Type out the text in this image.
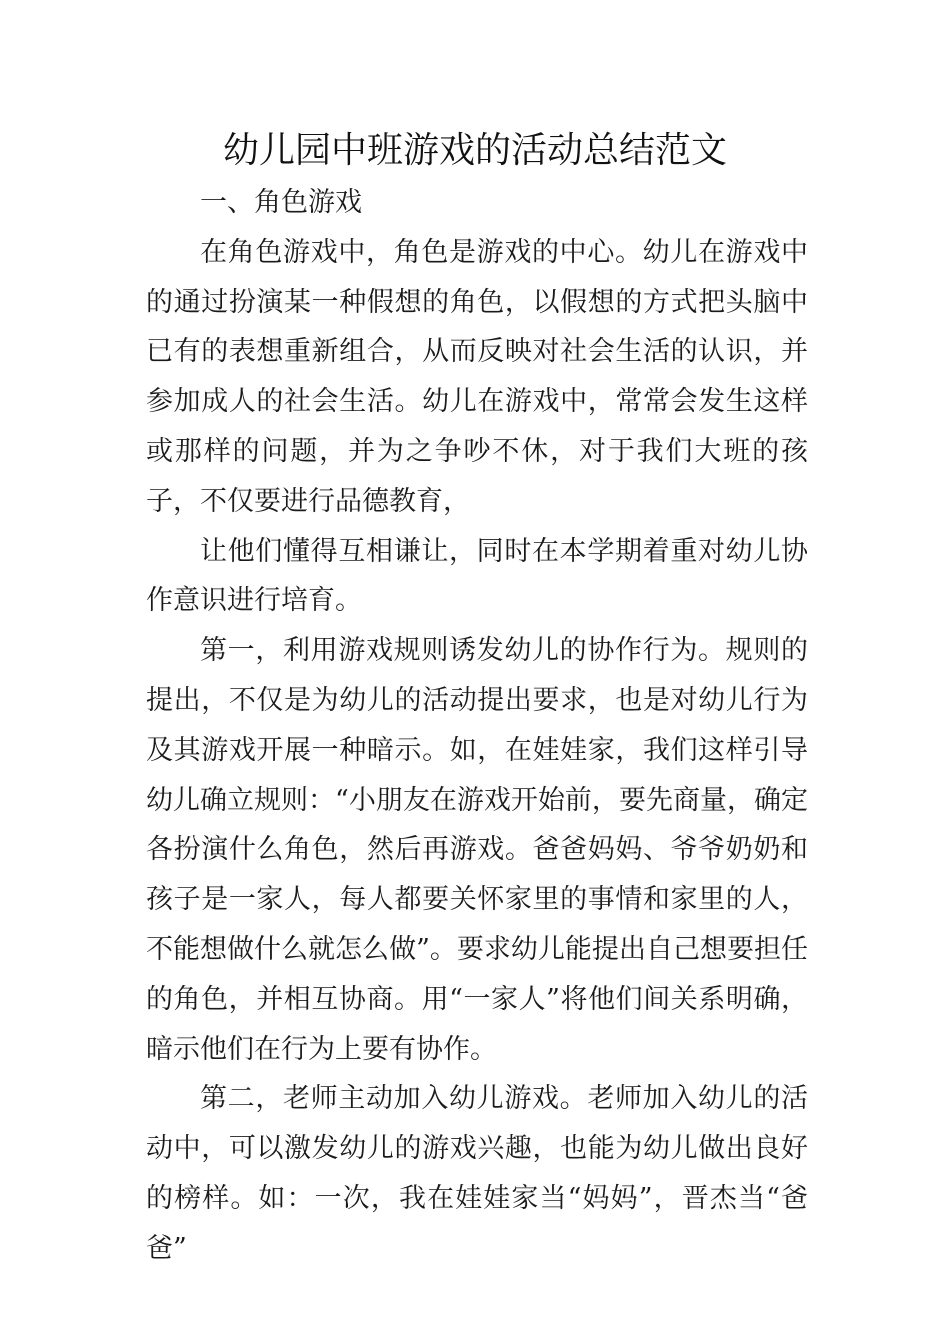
幼儿园中班游戏的活动总结范文

一、角色游戏

在角色游戏中，角色是游戏的中心。幼儿在游戏中的通过扮演某一种假想的角色，以假想的方式把头脑中已有的表想重新组合，从而反映对社会生活的认识，并参加成人的社会生活。幼儿在游戏中，常常会发生这样或那样的问题，并为之争吵不休，对于我们大班的孩子，不仅要进行品德教育，

让他们懂得互相谦让，同时在本学期着重对幼儿协作意识进行培育。

第一，利用游戏规则诱发幼儿的协作行为。规则的提出，不仅是为幼儿的活动提出要求，也是对幼儿行为及其游戏开展一种暗示。如，在娃娃家，我们这样引导幼儿确立规则：“小朋友在游戏开始前，要先商量，确定各扮演什么角色，然后再游戏。爸爸妈妈、爷爷奶奶和孩子是一家人，每人都要关怀家里的事情和家里的人，不能想做什么就怎么做”。要求幼儿能提出自己想要担任的角色，并相互协商。用“一家人”将他们间关系明确，暗示他们在行为上要有协作。

第二，老师主动加入幼儿游戏。老师加入幼儿的活动中，可以激发幼儿的游戏兴趣，也能为幼儿做出良好的榜样。如：一次，我在娃娃家当“妈妈”，晋杰当“爸爸”
